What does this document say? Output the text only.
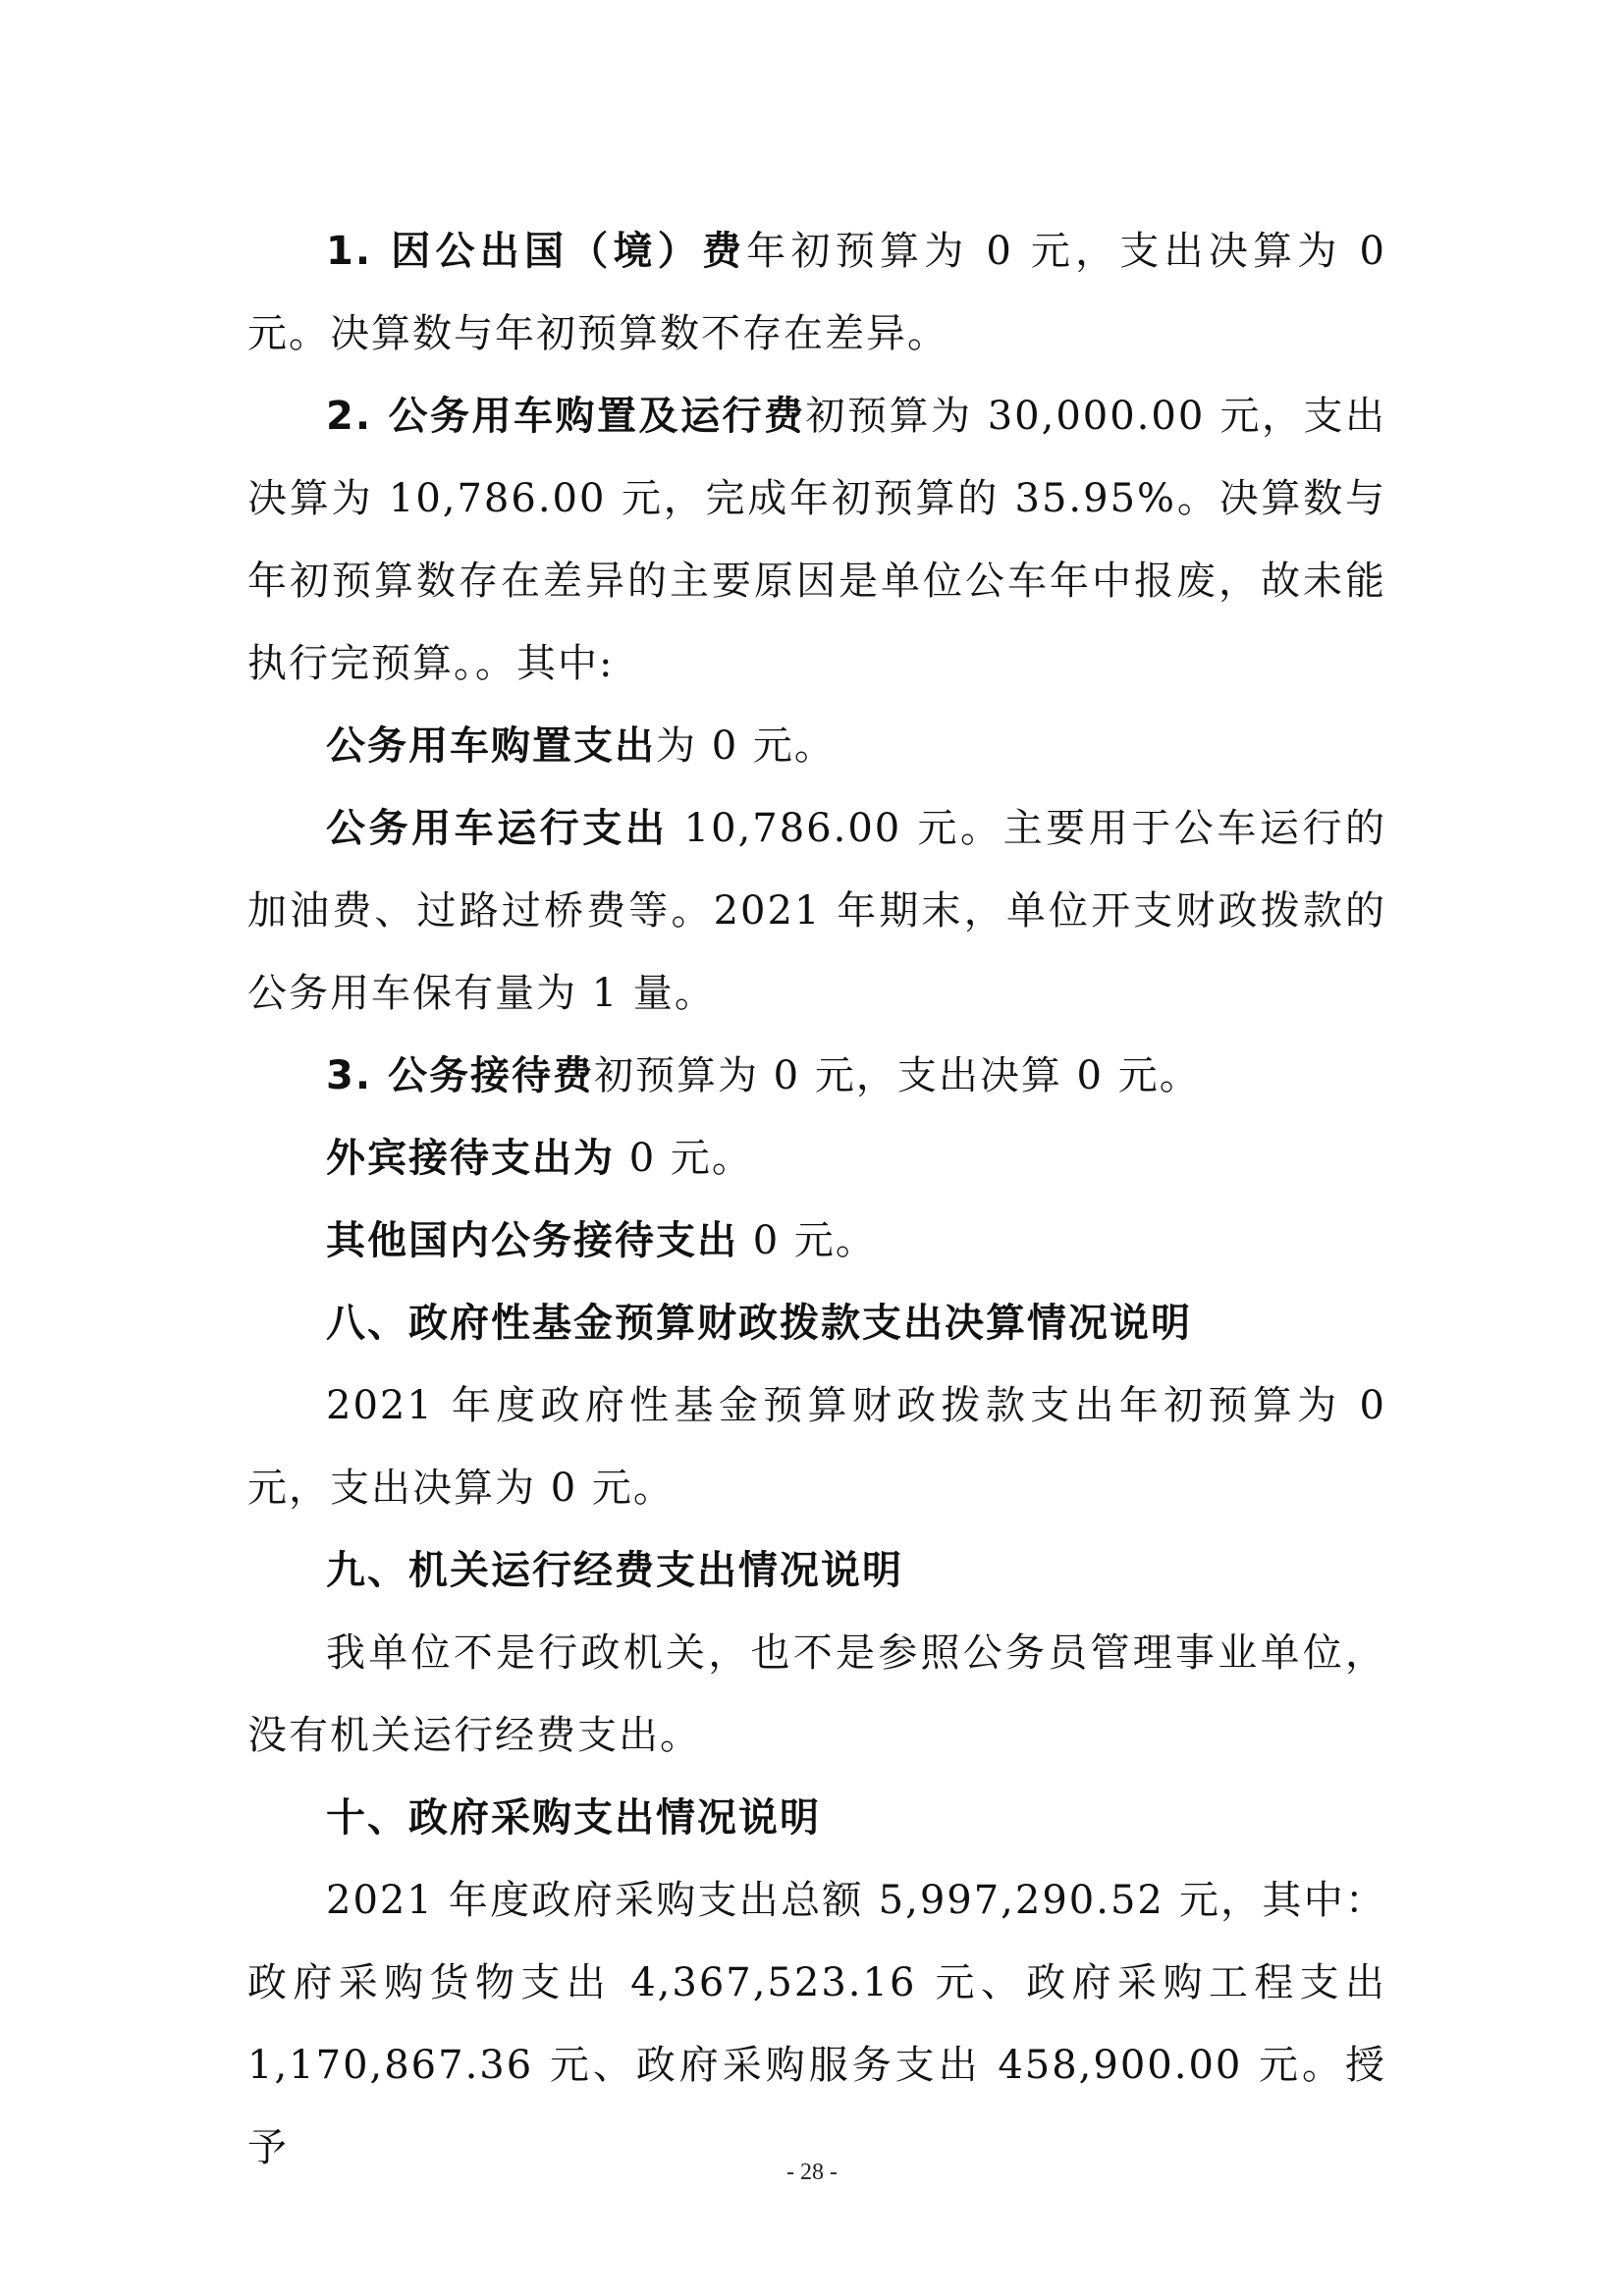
1. 因公出国（境）费年初预算为 0 元，支出决算为 0 元。决算数与年初预算数不存在差异。

2. 公务用车购置及运行费初预算为 30,000.00 元，支出决算为 10,786.00 元，完成年初预算的 35.95%。决算数与年初预算数存在差异的主要原因是单位公车年中报废，故未能执行完预算。。其中:

公务用车购置支出为 0 元。

公务用车运行支出 10,786.00 元。主要用于公车运行的加油费、过路过桥费等。2021 年期末，单位开支财政拨款的公务用车保有量为 1 量。

3. 公务接待费初预算为 0 元，支出决算 0 元。

外宾接待支出为 0 元。

其他国内公务接待支出 0 元。

八、政府性基金预算财政拨款支出决算情况说明

2021 年度政府性基金预算财政拨款支出年初预算为 0 元，支出决算为 0 元。

九、机关运行经费支出情况说明

我单位不是行政机关，也不是参照公务员管理事业单位，没有机关运行经费支出。

十、政府采购支出情况说明

2021 年度政府采购支出总额 5,997,290.52 元，其中：政府采购货物支出 4,367,523.16 元、政府采购工程支出 1,170,867.36 元、政府采购服务支出 458,900.00 元。授予

- 28 -
